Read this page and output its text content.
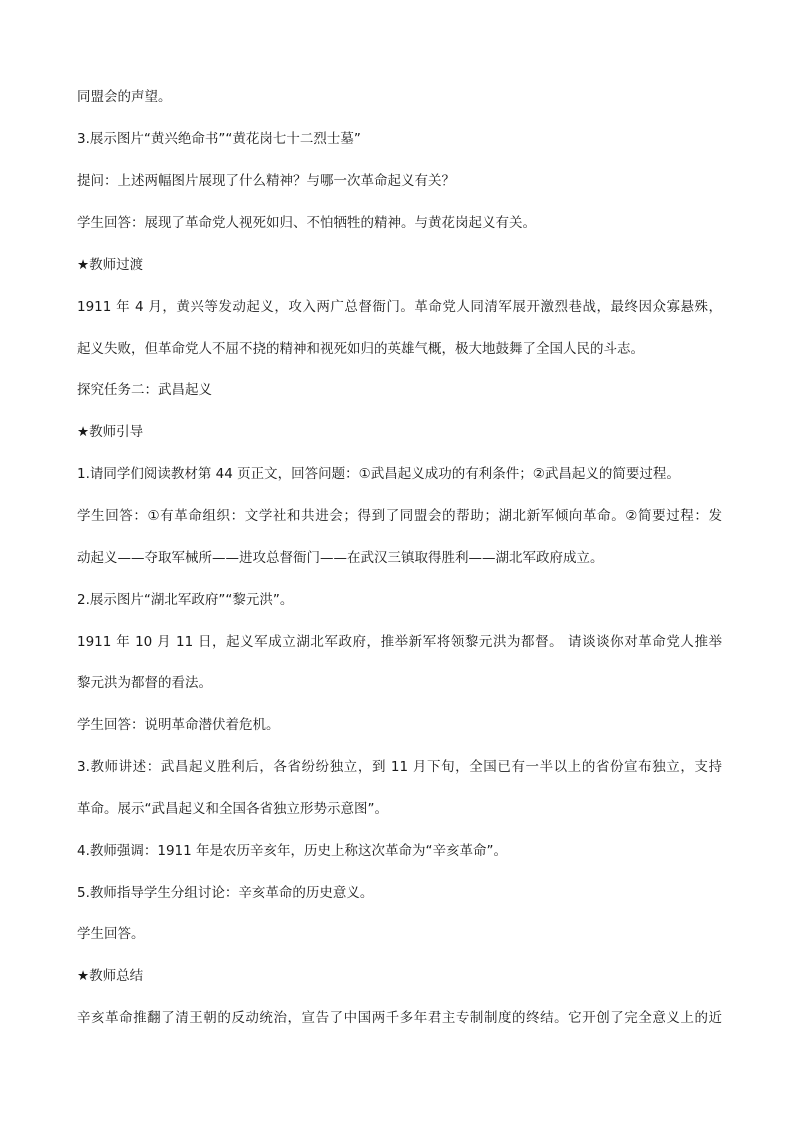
同盟会的声望。
3.展示图片“黄兴绝命书”“黄花岗七十二烈士墓”
提问：上述两幅图片展现了什么精神？与哪一次革命起义有关？
学生回答：展现了革命党人视死如归、不怕牺牲的精神。与黄花岗起义有关。
★教师过渡
1911 年 4 月，黄兴等发动起义，攻入两广总督衙门。革命党人同清军展开激烈巷战，最终因众寡悬殊，
起义失败，但革命党人不屈不挠的精神和视死如归的英雄气概，极大地鼓舞了全国人民的斗志。
探究任务二：武昌起义
★教师引导
1.请同学们阅读教材第 44 页正文，回答问题：①武昌起义成功的有利条件；②武昌起义的简要过程。
学生回答：①有革命组织：文学社和共进会；得到了同盟会的帮助；湖北新军倾向革命。②简要过程：发
动起义——夺取军械所——进攻总督衙门——在武汉三镇取得胜利——湖北军政府成立。
2.展示图片“湖北军政府”“黎元洪”。
1911 年 10 月 11 日，起义军成立湖北军政府，推举新军将领黎元洪为都督。 请谈谈你对革命党人推举
黎元洪为都督的看法。
学生回答：说明革命潜伏着危机。
3.教师讲述：武昌起义胜利后，各省纷纷独立，到 11 月下旬，全国已有一半以上的省份宣布独立，支持
革命。展示“武昌起义和全国各省独立形势示意图”。
4.教师强调：1911 年是农历辛亥年，历史上称这次革命为“辛亥革命”。
5.教师指导学生分组讨论：辛亥革命的历史意义。
学生回答。
★教师总结
辛亥革命推翻了清王朝的反动统治，宣告了中国两千多年君主专制制度的终结。它开创了完全意义上的近
